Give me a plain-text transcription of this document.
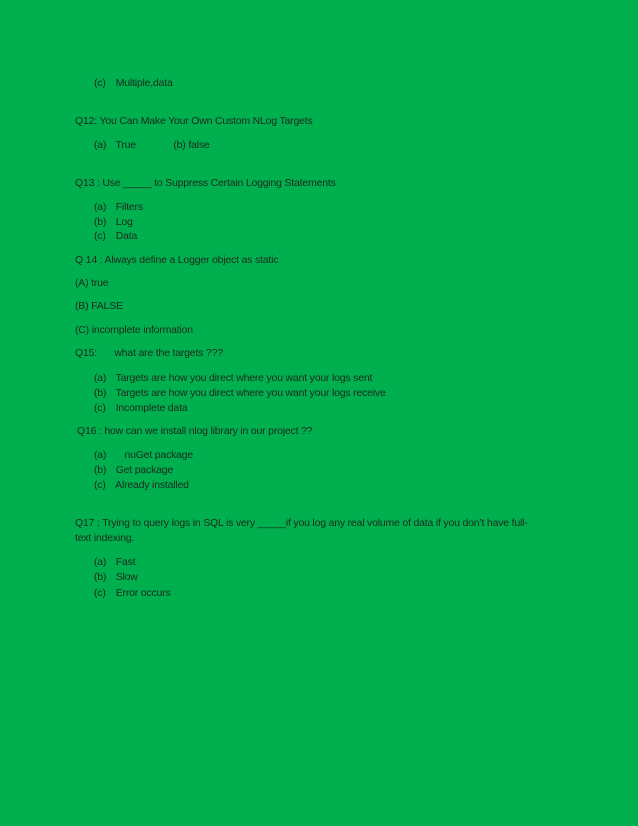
(c) Multiple,data
Q12: You Can Make Your Own Custom NLog Targets
(a) True	(b) false
Q13 : Use _____ to Suppress Certain Logging Statements
(a) Filters
(b) Log
(c) Data
Q 14 : Always define a Logger object as static
(A) true
(B) FALSE
(C) incomplete information
Q15: what are the targets ???
(a) Targets are how you direct where you want your logs sent
(b) Targets are how you direct where you want your logs receive
(c) Incomplete data
Q16 : how can we install nlog library in our project ??
(a) nuGet package
(b) Get package
(c) Already installed
Q17 : Trying to query logs in SQL is very _____if you log any real volume of data if you don’t have full-
text indexing.
(a) Fast
(b) Slow
(c) Error occurs
